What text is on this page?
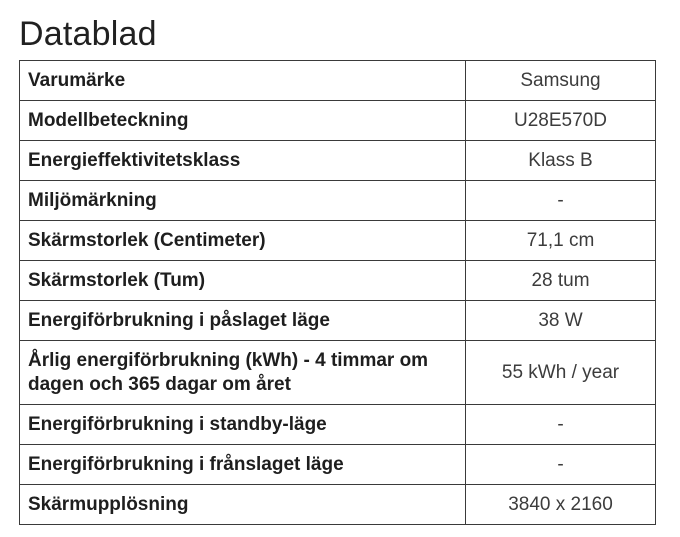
Datablad
Varumärke	Samsung
Modellbeteckning	U28E570D
Energieffektivitetsklass	Klass B
Miljömärkning	-
Skärmstorlek (Centimeter)	71,1 cm
Skärmstorlek (Tum)	28 tum
Energiförbrukning i påslaget läge	38 W
Årlig energiförbrukning (kWh) - 4 timmar om dagen och 365 dagar om året	55 kWh / year
Energiförbrukning i standby-läge	-
Energiförbrukning i frånslaget läge	-
Skärmupplösning	3840 x 2160
